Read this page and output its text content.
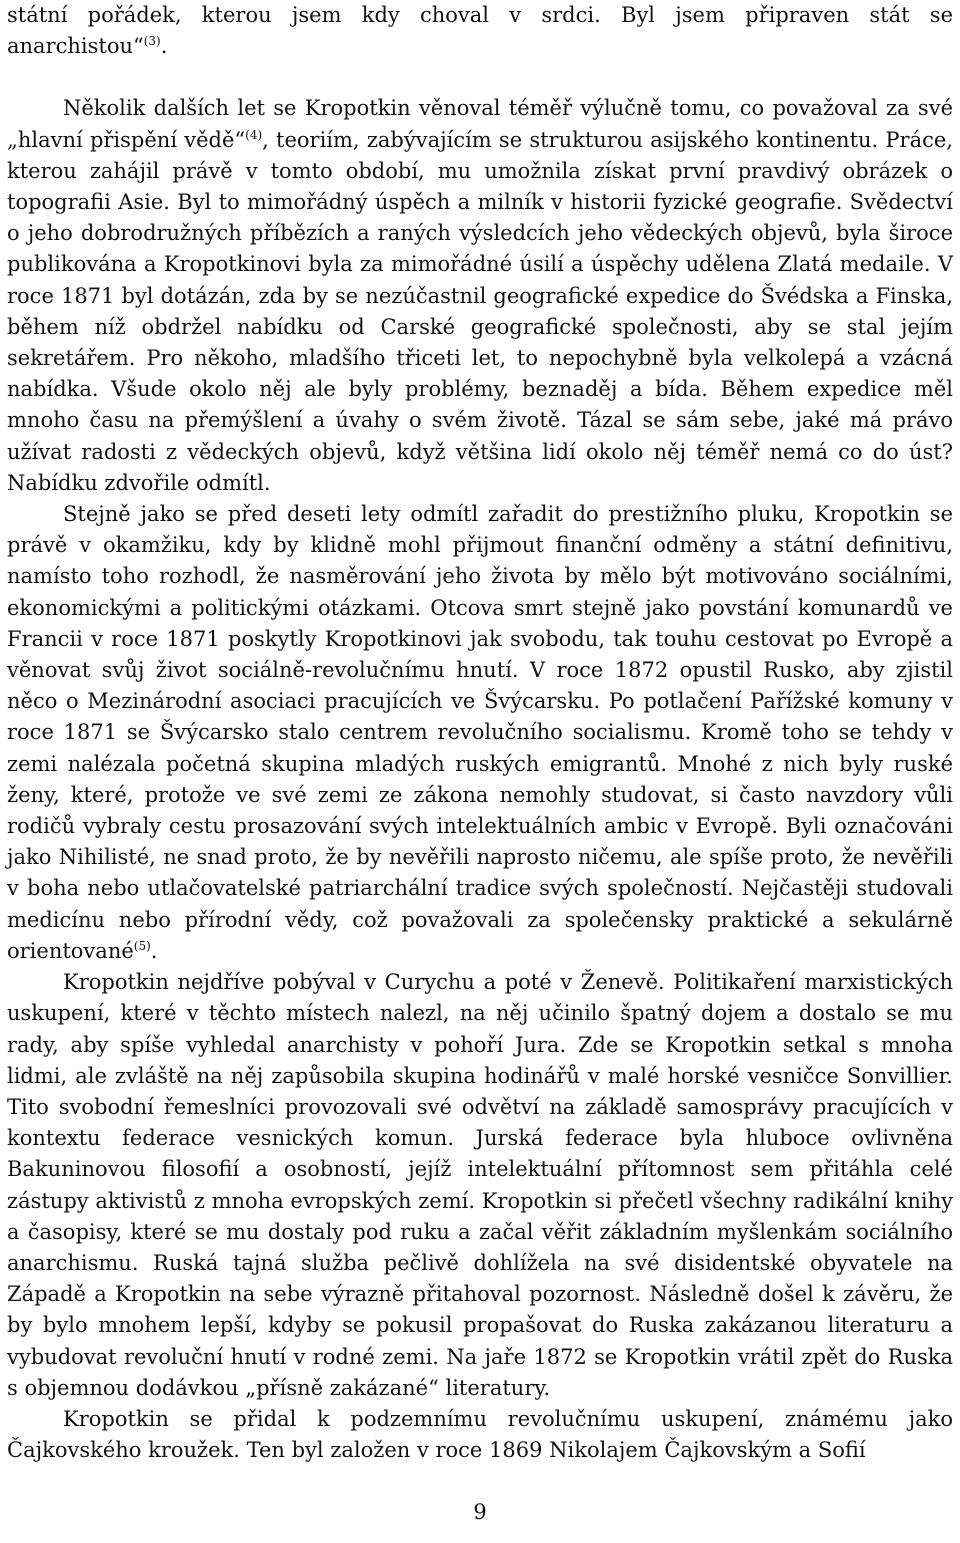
státní pořádek, kterou jsem kdy choval v srdci. Byl jsem připraven stát se anarchistou“$^{(3)}$.

Několik dalších let se Kropotkin věnoval téměř výlučně tomu, co považoval za své „hlavní přispění vědě“$^{(4)}$, teoriím, zabývajícím se strukturou asijského kontinentu. Práce, kterou zahájil právě v tomto období, mu umožnila získat první pravdivý obrázek o topografii Asie. Byl to mimořádný úspěch a milník v historii fyzické geografie. Svědectví o jeho dobrodružných příbězích a raných výsledcích jeho vědeckých objevů, byla široce publikována a Kropotkinovi byla za mimořádné úsilí a úspěchy udělena Zlatá medaile. V roce 1871 byl dotázán, zda by se nezúčastnil geografické expedice do Švédska a Finska, během níž obdržel nabídku od Carské geografické společnosti, aby se stal jejím sekretářem. Pro někoho, mladšího třiceti let, to nepochybně byla velkolepá a vzácná nabídka. Všude okolo něj ale byly problémy, beznaděj a bída. Během expedice měl mnoho času na přemýšlení a úvahy o svém životě. Tázal se sám sebe, jaké má právo užívat radosti z vědeckých objevů, když většina lidí okolo něj téměř nemá co do úst? Nabídku zdvořile odmítl.

Stejně jako se před deseti lety odmítl zařadit do prestižního pluku, Kropotkin se právě v okamžiku, kdy by klidně mohl přijmout finanční odměny a státní definitivu, namísto toho rozhodl, že nasměrování jeho života by mělo být motivováno sociálními, ekonomickými a politickými otázkami. Otcova smrt stejně jako povstání komunardů ve Francii v roce 1871 poskytly Kropotkinovi jak svobodu, tak touhu cestovat po Evropě a věnovat svůj život sociálně-revolučnímu hnutí. V roce 1872 opustil Rusko, aby zjistil něco o Mezinárodní asociaci pracujících ve Švýcarsku. Po potlačení Pařížské komuny v roce 1871 se Švýcarsko stalo centrem revolučního socialismu. Kromě toho se tehdy v zemi nalézala početná skupina mladých ruských emigrantů. Mnohé z nich byly ruské ženy, které, protože ve své zemi ze zákona nemohly studovat, si často navzdory vůli rodičů vybraly cestu prosazování svých intelektuálních ambic v Evropě. Byli označováni jako Nihilisté, ne snad proto, že by nevěřili naprosto ničemu, ale spíše proto, že nevěřili v boha nebo utlačovatelské patriarchální tradice svých společností. Nejčastěji studovali medicínu nebo přírodní vědy, což považovali za společensky praktické a sekulárně orientované$^{(5)}$.

Kropotkin nejdříve pobýval v Curychu a poté v Ženevě. Politikaření marxistických uskupení, které v těchto místech nalezl, na něj učinilo špatný dojem a dostalo se mu rady, aby spíše vyhledal anarchisty v pohoří Jura. Zde se Kropotkin setkal s mnoha lidmi, ale zvláště na něj zapůsobila skupina hodinářů v malé horské vesničce Sonvillier. Tito svobodní řemeslníci provozovali své odvětví na základě samosprávy pracujících v kontextu federace vesnických komun. Jurská federace byla hluboce ovlivněna Bakuninovou filosofií a osobností, jejíž intelektuální přítomnost sem přitáhla celé zástupy aktivistů z mnoha evropských zemí. Kropotkin si přečetl všechny radikální knihy a časopisy, které se mu dostaly pod ruku a začal věřit základním myšlenkám sociálního anarchismu. Ruská tajná služba pečlivě dohlížela na své disidentské obyvatele na Západě a Kropotkin na sebe výrazně přitahoval pozornost. Následně došel k závěru, že by bylo mnohem lepší, kdyby se pokusil propašovat do Ruska zakázanou literaturu a vybudovat revoluční hnutí v rodné zemi. Na jaře 1872 se Kropotkin vrátil zpět do Ruska s objemnou dodávkou „přísně zakázané“ literatury.

Kropotkin se přidal k podzemnímu revolučnímu uskupení, známému jako Čajkovského kroužek. Ten byl založen v roce 1869 Nikolajem Čajkovským a Sofií

9
